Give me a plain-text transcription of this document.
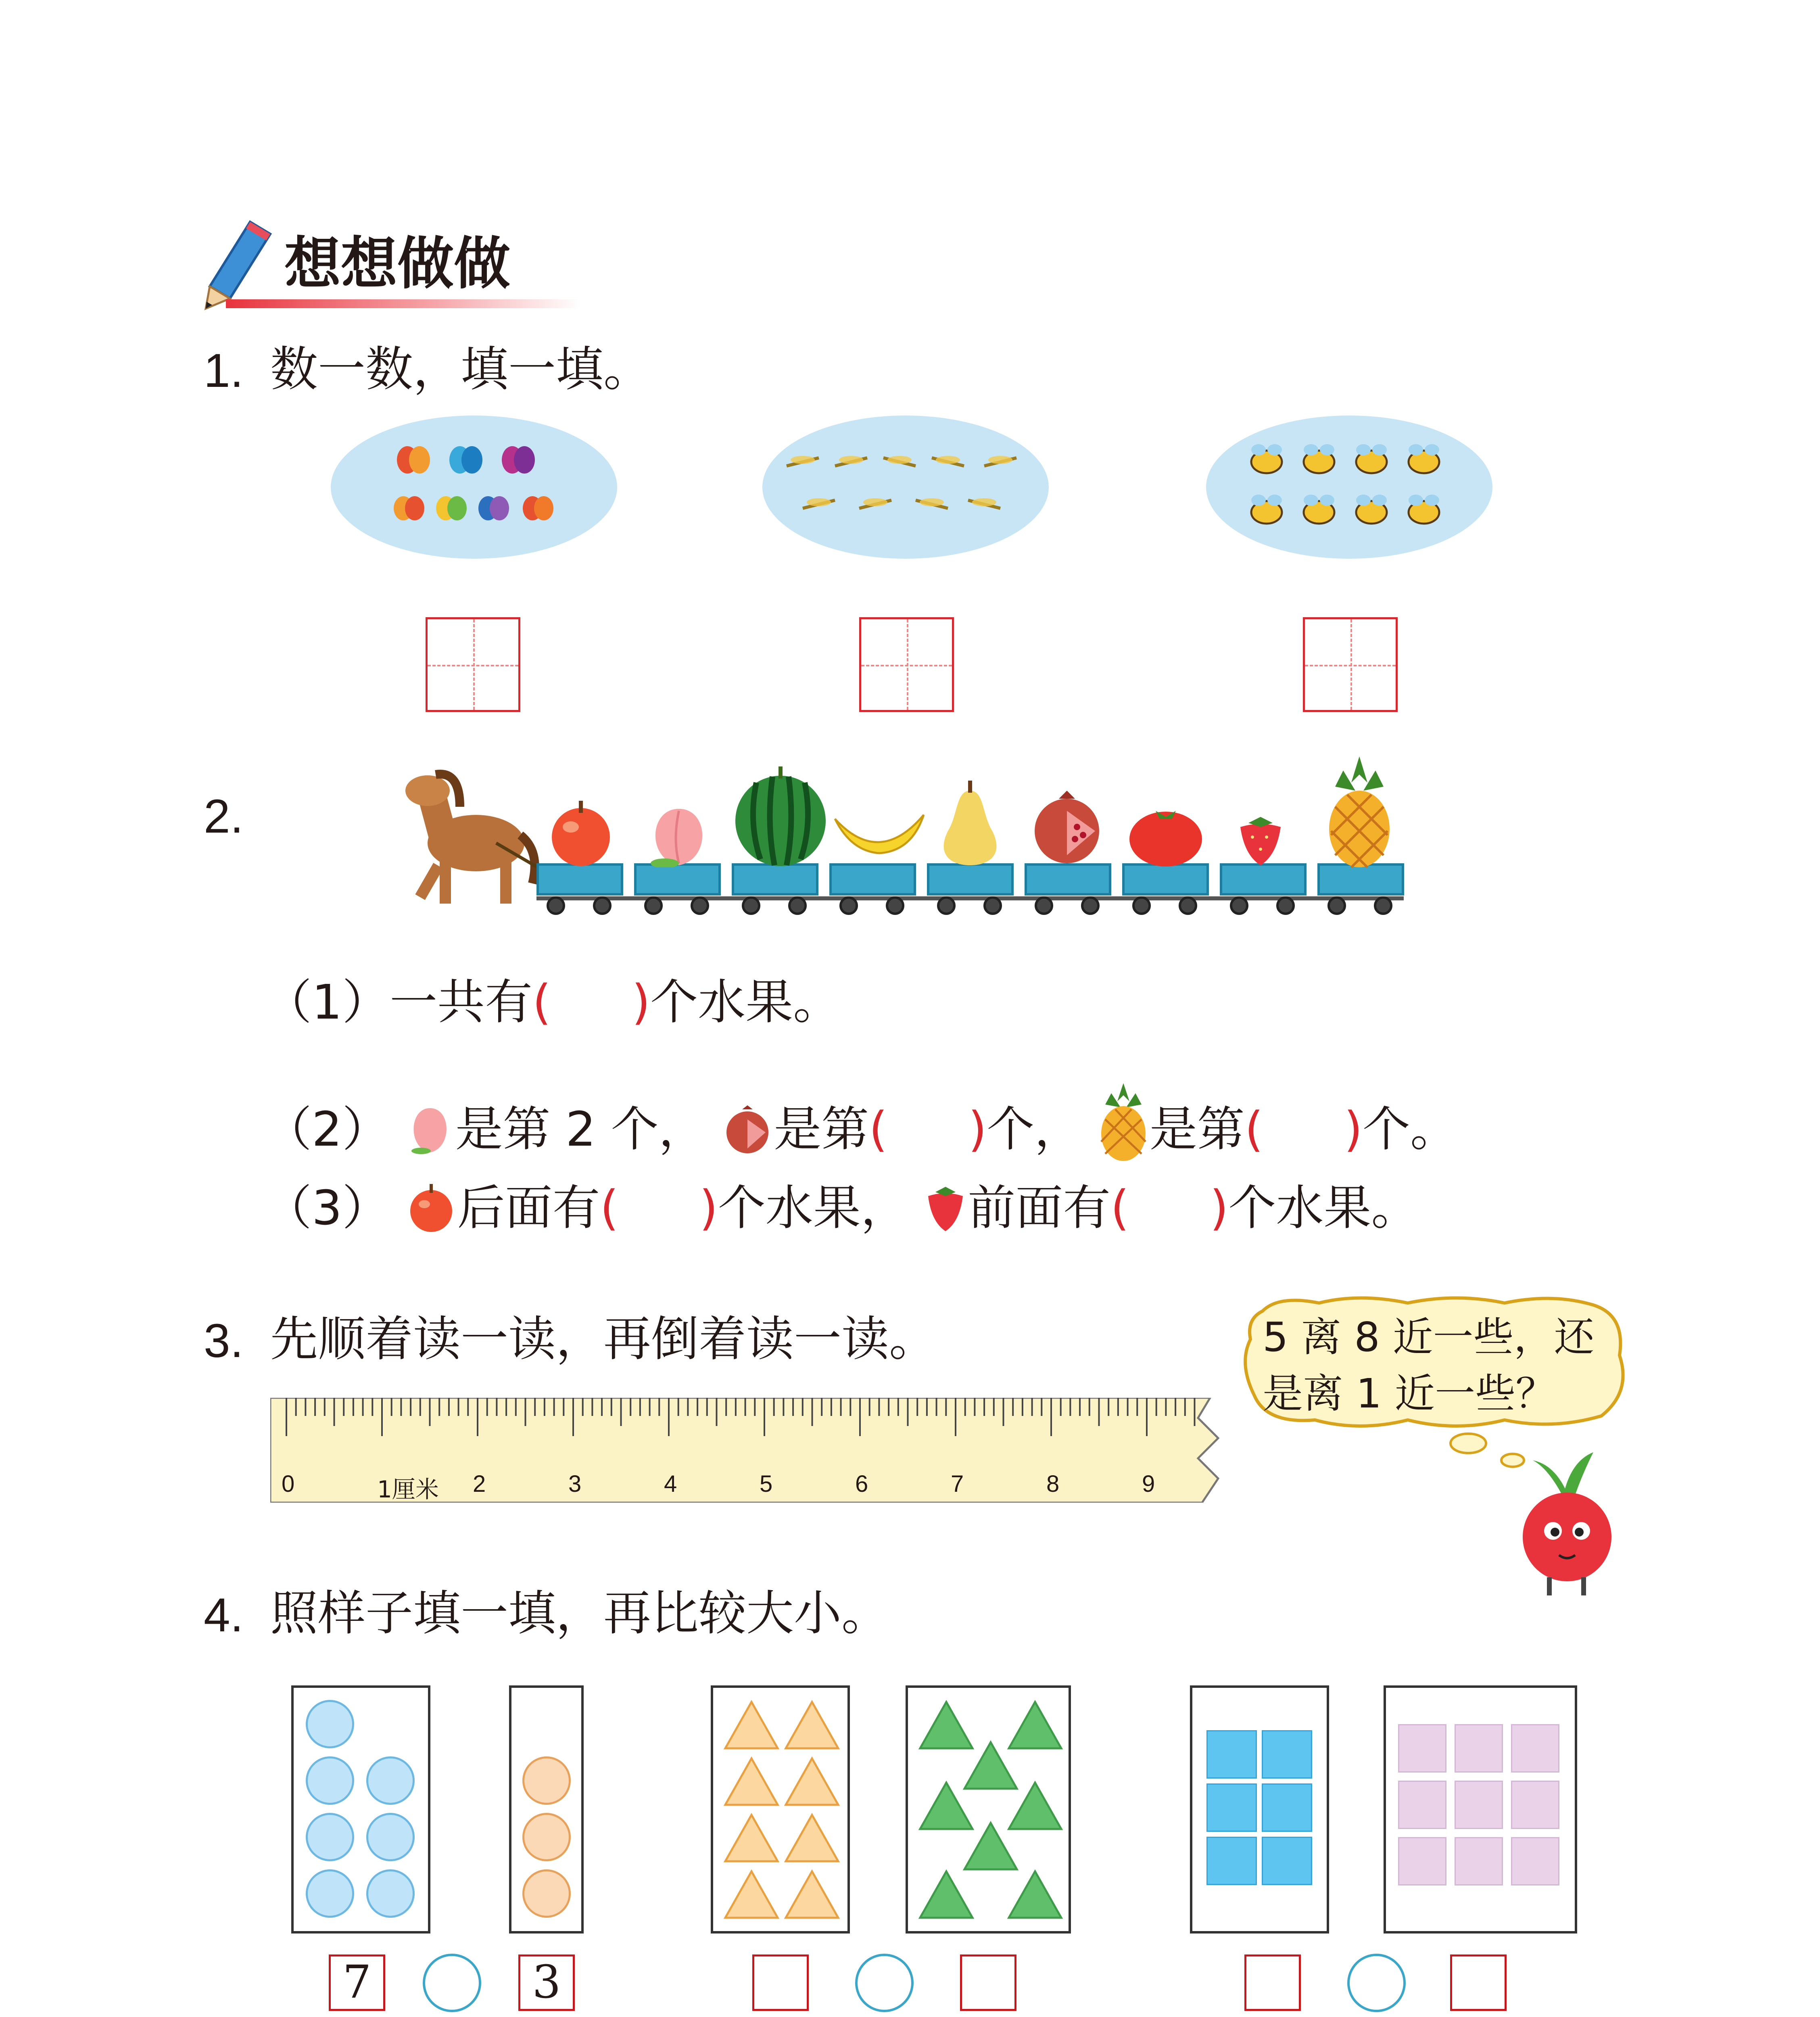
想想做做
1. 数一数，填一填。
2.
（1）一共有( )个水果。
（2） 是第 2 个， 是第( )个， 是第( )个。
（3） 后面有( )个水果， 前面有( )个水果。
3. 先顺着读一读，再倒着读一读。
0	1厘米 2	3	4	5	6	7	8	9
5 离 8 近一些，还
是离 1 近一些？
4. 照样子填一填，再比较大小。
7	3
